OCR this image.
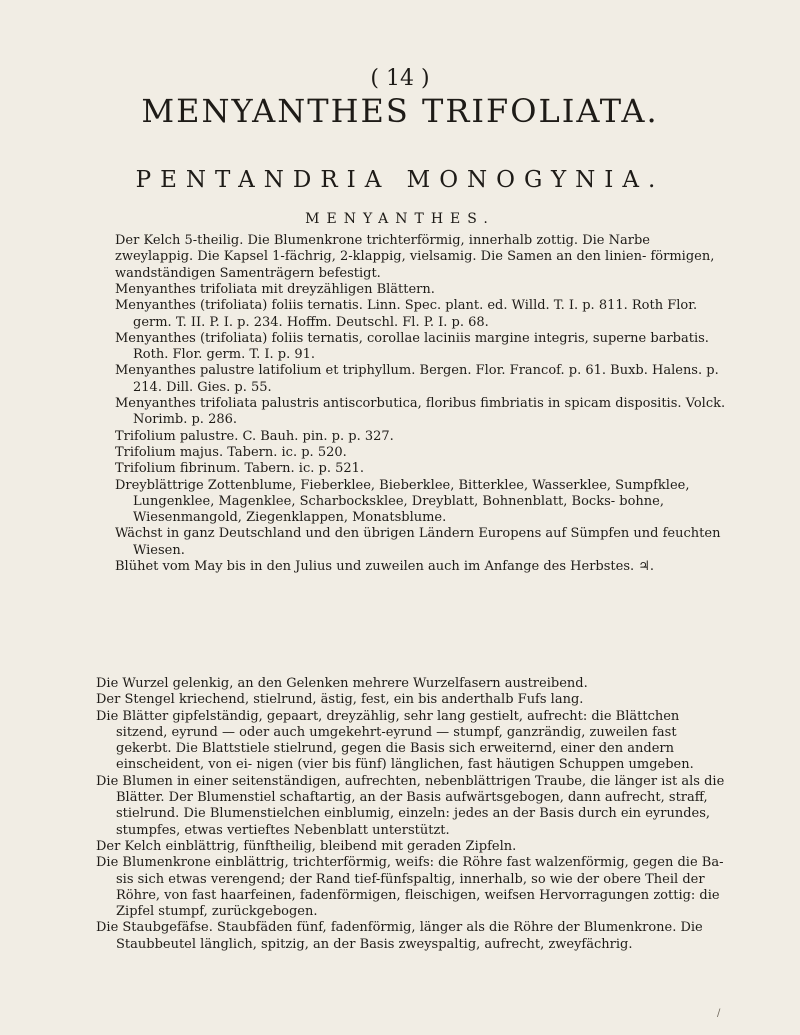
( 14 )
MENYANTHES TRIFOLIATA.
PENTANDRIA MONOGYNIA.
MENYANTHES.

Der Kelch 5-theilig. Die Blumenkrone trichterförmig, innerhalb zottig. Die Narbe zweylappig. Die Kapsel 1-fächrig, 2-klappig, vielsamig. Die Samen an den linien- förmigen, wandständigen Samenträgern befestigt.

Menyanthes trifoliata mit dreyzähligen Blättern.

Menyanthes (trifoliata) foliis ternatis. Linn. Spec. plant. ed. Willd. T. I. p. 811. Roth Flor. germ. T. II. P. I. p. 234. Hoffm. Deutschl. Fl. P. I. p. 68.

Menyanthes (trifoliata) foliis ternatis, corollae laciniis margine integris, superne barbatis. Roth. Flor. germ. T. I. p. 91.

Menyanthes palustre latifolium et triphyllum. Bergen. Flor. Francof. p. 61. Buxb. Halens. p. 214. Dill. Gies. p. 55.

Menyanthes trifoliata palustris antiscorbutica, floribus fimbriatis in spicam dispositis. Volck. Norimb. p. 286.

Trifolium palustre. C. Bauh. pin. p. p. 327.

Trifolium majus. Tabern. ic. p. 520.

Trifolium fibrinum. Tabern. ic. p. 521.

Dreyblättrige Zottenblume, Fieberklee, Bieberklee, Bitterklee, Wasserklee, Sumpfklee, Lungenklee, Magenklee, Scharbocksklee, Dreyblatt, Bohnenblatt, Bocks- bohne, Wiesenmangold, Ziegenklappen, Monatsblume.

Wächst in ganz Deutschland und den übrigen Ländern Europens auf Sümpfen und feuchten Wiesen.

Blühet vom May bis in den Julius und zuweilen auch im Anfange des Herbstes. ♃.

Die Wurzel gelenkig, an den Gelenken mehrere Wurzelfasern austreibend.

Der Stengel kriechend, stielrund, ästig, fest, ein bis anderthalb Fufs lang.

Die Blätter gipfelständig, gepaart, dreyzählig, sehr lang gestielt, aufrecht: die Blättchen sitzend, eyrund — oder auch umgekehrt-eyrund — stumpf, ganzrändig, zuweilen fast gekerbt. Die Blattstiele stielrund, gegen die Basis sich erweiternd, einer den andern einscheident, von ei- nigen (vier bis fünf) länglichen, fast häutigen Schuppen umgeben.

Die Blumen in einer seitenständigen, aufrechten, nebenblättrigen Traube, die länger ist als die Blätter. Der Blumenstiel schaftartig, an der Basis aufwärtsgebogen, dann aufrecht, straff, stielrund. Die Blumenstielchen einblumig, einzeln: jedes an der Basis durch ein eyrundes, stumpfes, etwas vertieftes Nebenblatt unterstützt.

Der Kelch einblättrig, fünftheilig, bleibend mit geraden Zipfeln.

Die Blumenkrone einblättrig, trichterförmig, weifs: die Röhre fast walzenförmig, gegen die Ba- sis sich etwas verengend; der Rand tief-fünfspaltig, innerhalb, so wie der obere Theil der Röhre, von fast haarfeinen, fadenförmigen, fleischigen, weifsen Hervorragungen zottig: die Zipfel stumpf, zurückgebogen.

Die Staubgefäfse. Staubfäden fünf, fadenförmig, länger als die Röhre der Blumenkrone. Die Staubbeutel länglich, spitzig, an der Basis zweyspaltig, aufrecht, zweyfächrig.

/
